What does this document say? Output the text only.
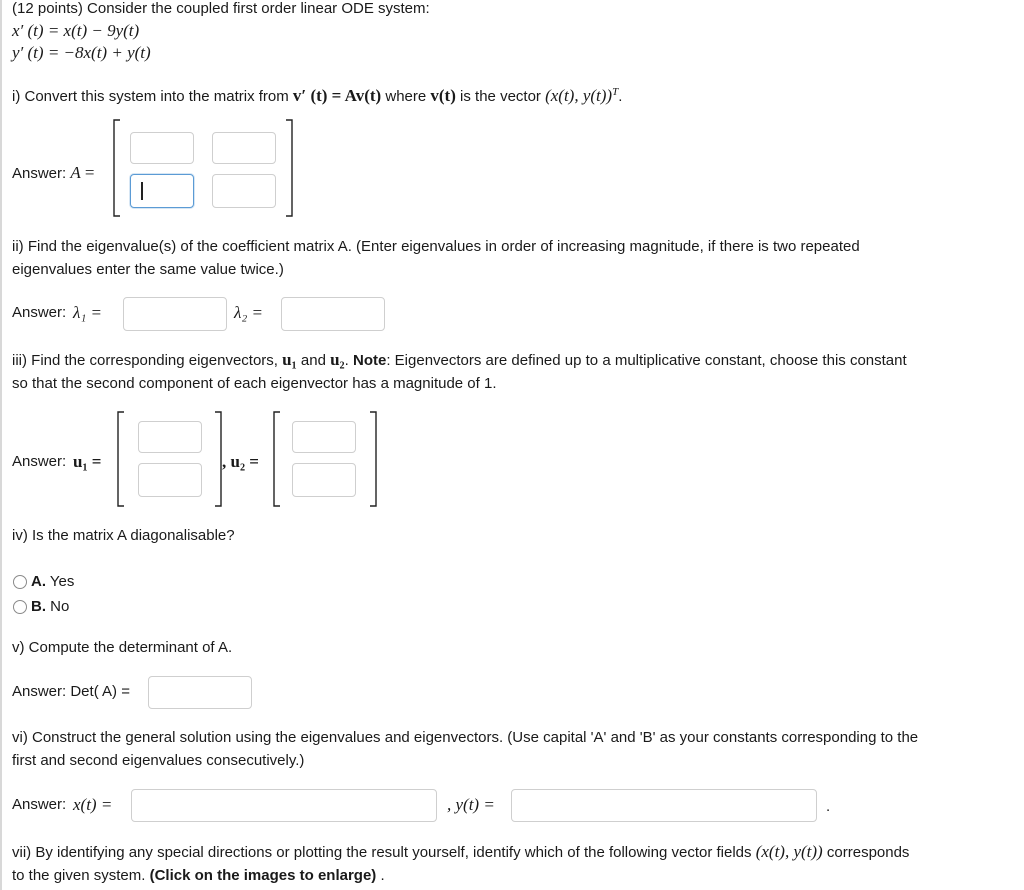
(12 points) Consider the coupled first order linear ODE system:
x′ (t) = x(t) − 9y(t)
y′ (t) = −8x(t) + y(t)
i) Convert this system into the matrix from v′ (t) = Av(t) where v(t) is the vector (x(t), y(t))$^T$.
Answer: A =
ii) Find the eigenvalue(s) of the coefficient matrix A. (Enter eigenvalues in order of increasing magnitude, if there is two repeated
eigenvalues enter the same value twice.)
Answer: λ₁ =	λ₂ =
iii) Find the corresponding eigenvectors, u₁ and u₂. Note: Eigenvectors are defined up to a multiplicative constant, choose this constant
so that the second component of each eigenvector has a magnitude of 1.
Answer: u₁ =	, u₂ =
iv) Is the matrix A diagonalisable?
A. Yes
B. No
v) Compute the determinant of A.
Answer: Det( A) =
vi) Construct the general solution using the eigenvalues and eigenvectors. (Use capital 'A' and 'B' as your constants corresponding to the
first and second eigenvalues consecutively.)
Answer: x(t) =	, y(t) =	.
vii) By identifying any special directions or plotting the result yourself, identify which of the following vector fields (x(t), y(t)) corresponds
to the given system. (Click on the images to enlarge) .
